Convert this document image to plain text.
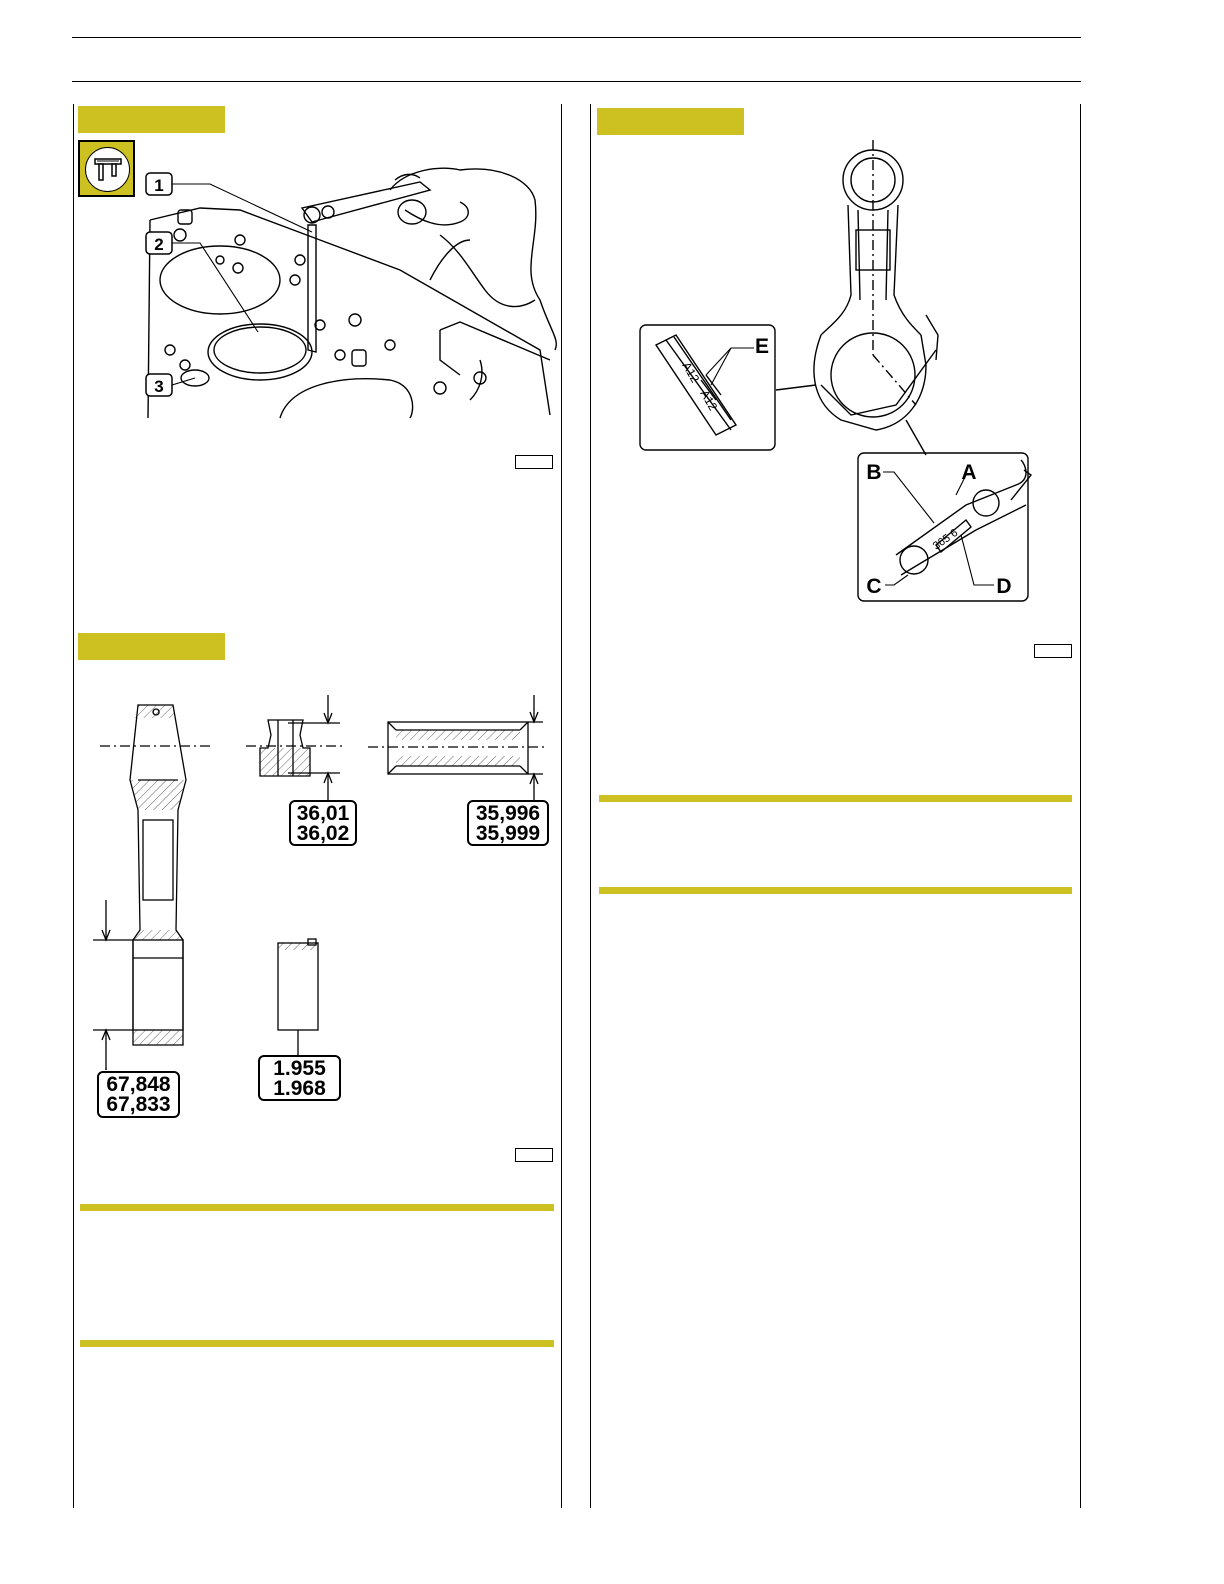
1
2
3
A12
A12
365 6
E
B	A
C	D
36,01
36,02
35,996
35,999
67,848
67,833
1.955
1.968
